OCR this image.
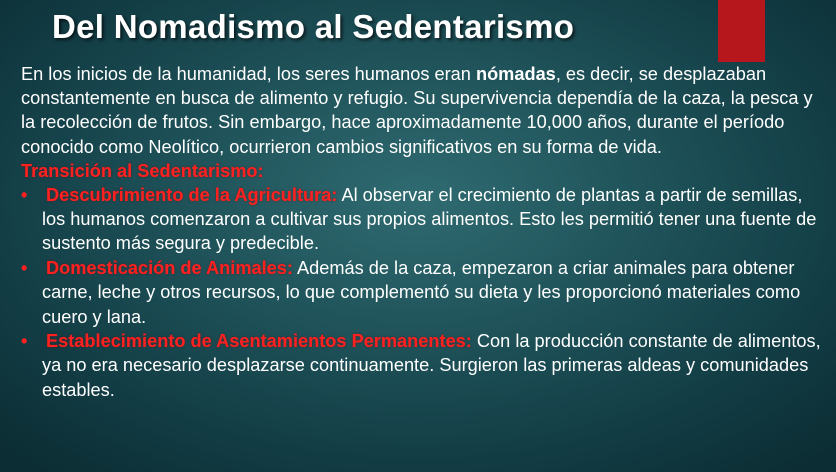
Del Nomadismo al Sedentarismo

En los inicios de la humanidad, los seres humanos eran nómadas, es decir, se desplazaban constantemente en busca de alimento y refugio. Su supervivencia dependía de la caza, la pesca y la recolección de frutos. Sin embargo, hace aproximadamente 10,000 años, durante el período conocido como Neolítico, ocurrieron cambios significativos en su forma de vida.

Transición al Sedentarismo:

• Descubrimiento de la Agricultura: Al observar el crecimiento de plantas a partir de semillas, los humanos comenzaron a cultivar sus propios alimentos. Esto les permitió tener una fuente de sustento más segura y predecible.
• Domesticación de Animales: Además de la caza, empezaron a criar animales para obtener carne, leche y otros recursos, lo que complementó su dieta y les proporcionó materiales como cuero y lana.
• Establecimiento de Asentamientos Permanentes: Con la producción constante de alimentos, ya no era necesario desplazarse continuamente. Surgieron las primeras aldeas y comunidades estables.
